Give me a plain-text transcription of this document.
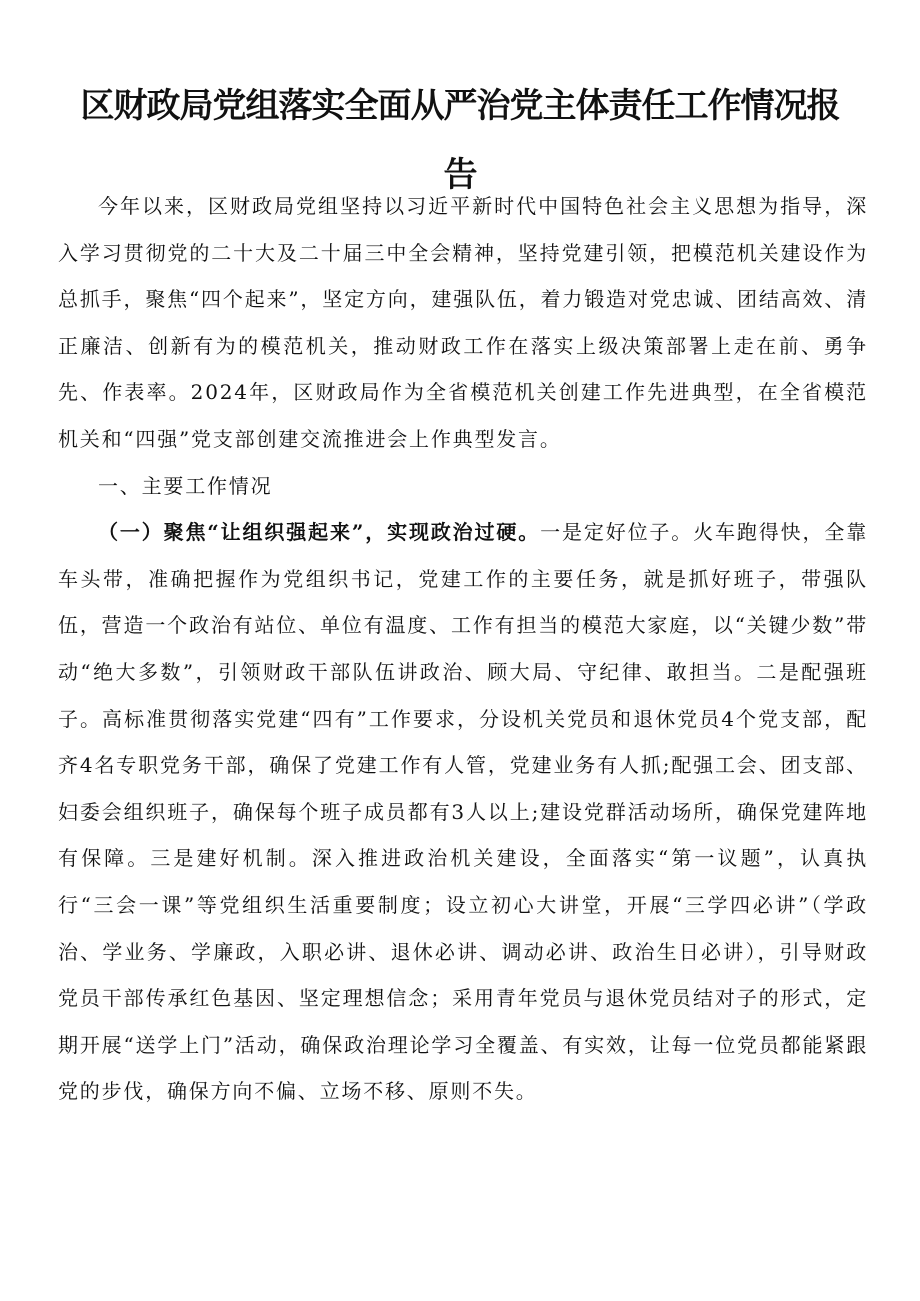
区财政局党组落实全面从严治党主体责任工作情况报
告

今年以来，区财政局党组坚持以习近平新时代中国特色社会主义思想为指导，深入学习贯彻党的二十大及二十届三中全会精神，坚持党建引领，把模范机关建设作为总抓手，聚焦“四个起来”，坚定方向，建强队伍，着力锻造对党忠诚、团结高效、清正廉洁、创新有为的模范机关，推动财政工作在落实上级决策部署上走在前、勇争先、作表率。2024年，区财政局作为全省模范机关创建工作先进典型，在全省模范机关和“四强”党支部创建交流推进会上作典型发言。

一、主要工作情况

（一）聚焦“让组织强起来”，实现政治过硬。一是定好位子。火车跑得快，全靠车头带，准确把握作为党组织书记，党建工作的主要任务，就是抓好班子，带强队伍，营造一个政治有站位、单位有温度、工作有担当的模范大家庭，以“关键少数”带动“绝大多数”，引领财政干部队伍讲政治、顾大局、守纪律、敢担当。二是配强班子。高标准贯彻落实党建“四有”工作要求，分设机关党员和退休党员4个党支部，配齐4名专职党务干部，确保了党建工作有人管，党建业务有人抓;配强工会、团支部、妇委会组织班子，确保每个班子成员都有3人以上;建设党群活动场所，确保党建阵地有保障。三是建好机制。深入推进政治机关建设，全面落实“第一议题”，认真执行“三会一课”等党组织生活重要制度；设立初心大讲堂，开展“三学四必讲”（学政治、学业务、学廉政，入职必讲、退休必讲、调动必讲、政治生日必讲），引导财政党员干部传承红色基因、坚定理想信念；采用青年党员与退休党员结对子的形式，定期开展“送学上门”活动，确保政治理论学习全覆盖、有实效，让每一位党员都能紧跟党的步伐，确保方向不偏、立场不移、原则不失。
